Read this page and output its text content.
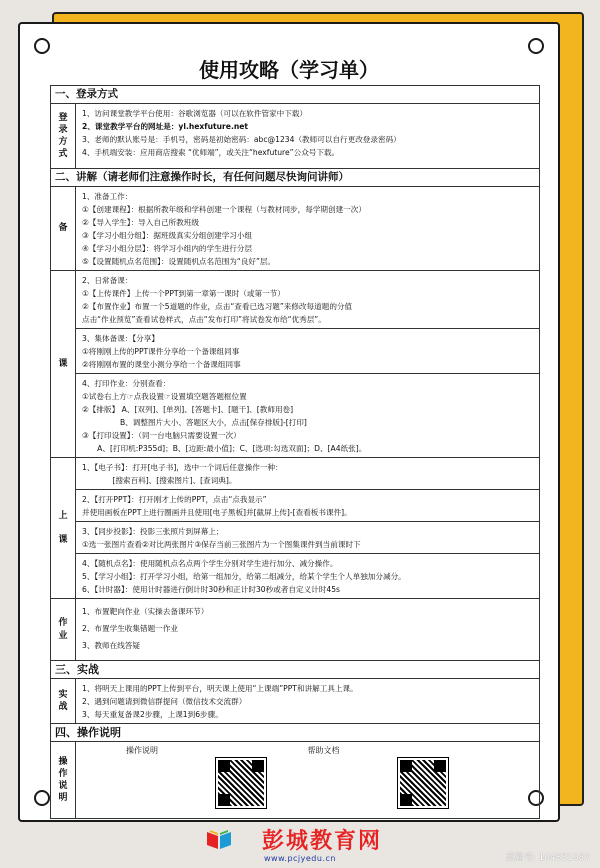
使用攻略（学习单）
一、登录方式
登
录
方
式
1、访问课堂教学平台使用：谷歌浏览器（可以在软件管家中下载）
2、课堂教学平台的网址是：yl.hexfuture.net
3、老师的默认账号是：手机号，密码是初始密码：abc@1234（教师可以自行更改登录密码）
4、手机端安装：应用商店搜索 “优师端”，或关注“hexfuture”公众号下载。
二、讲解（请老师们注意操作时长，有任何问题尽快询问讲师）
备
1、准备工作：
①【创建课程】：根据所教年级和学科创建一个课程（与教材同步，每学期创建一次）
②【导入学生】：导入自己所教班级
③【学习小组分组】：据班级真实分组创建学习小组
④【学习小组分层】：将学习小组内的学生进行分层
⑤【设置随机点名范围】：设置随机点名范围为“良好”层。
课
2、日常备课：
①【上传课件】上传一个PPT到第一章第一课时（或第一节）
②【布置作业】布置一个5道题的作业，点击“查看已选习题”来修改每道题的分值
点击“作业预览”查看试卷样式，点击“发布打印”将试卷发布给“优秀层”。
3、集体备课：【分享】
①将刚刚上传的PPT课件分享给一个备课组同事
②将刚刚布置的课堂小测分享给一个备课组同事
4、打印作业：分别查看：
①试卷右上方☞点我设置☞设置填空题答题框位置
②【排版】 A、[双列]、[单列]、[答题卡]、[题干]、[教师用卷]
　　　　　B、调整图片大小、答题区大小，点击[保存排版]-[打印]
③【打印设置】：（同一台电脑只需要设置一次）
　　A、[打印机:P355d]；B、[边距:最小值]；C、[选项:勾选双面]；D、[A4纸张]。
上

课
1、【电子书】：打开[电子书]，选中一个词后任意操作一种：
　　　　[搜索百科]、[搜索图片]、[查词典]。
2、【打开PPT】：打开刚才上传的PPT，点击“点我显示”
并使用画板在PPT上进行圈画并且使用[电子黑板]并[截屏上传]-[查看板书课件]。
3、【同步投影】：投影三张照片到屏幕上；
①选一张图片查看②对比两张图片③保存当前三张图片为一个图集课件到当前课时下
4、【随机点名】：使用随机点名点两个学生分别对学生进行加分、减分操作。
5、【学习小组】：打开学习小组，给第一组加分，给第二组减分，给某个学生个人单独加分减分。
6、【计时器】：使用计时器进行倒计时30秒和正计时30秒或者自定义计时45s
作
业
1、布置靶向作业（实操去备课环节）
2、布置学生收集错题一作业
3、教师在线答疑
三、实战
实
战
1、将明天上课用的PPT上传到平台，明天课上使用“上课端”PPT和讲解工具上课。
2、遇到问题请到微信群提问（微信技术交流群）
3、每天重复备课2步骤，上课1到6步骤。
四、操作说明
操
作
说
明
操作说明	帮助文档
彭城教育网
www.pcjyedu.cn	美篇号: 104831087
